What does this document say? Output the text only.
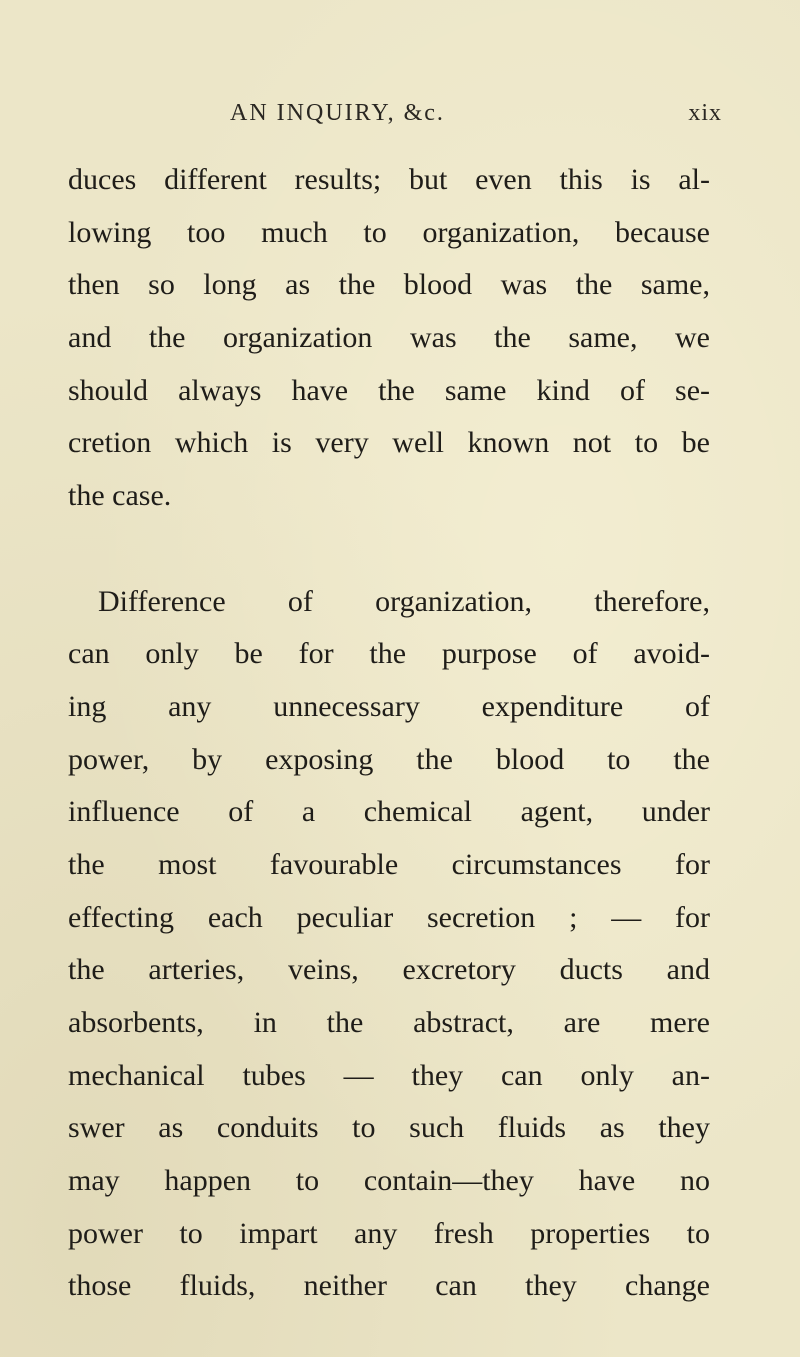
AN INQUIRY, &c.	xix
duces different results; but even this is al-
lowing too much to organization, because
then so long as the blood was the same,
and the organization was the same, we
should always have the same kind of se-
cretion which is very well known not to be
the case.
Difference of organization, therefore,
can only be for the purpose of avoid-
ing any unnecessary expenditure of
power, by exposing the blood to the
influence of a chemical agent, under
the most favourable circumstances for
effecting each peculiar secretion ; — for
the arteries, veins, excretory ducts and
absorbents, in the abstract, are mere
mechanical tubes — they can only an-
swer as conduits to such fluids as they
may happen to contain—they have no
power to impart any fresh properties to
those fluids, neither can they change
